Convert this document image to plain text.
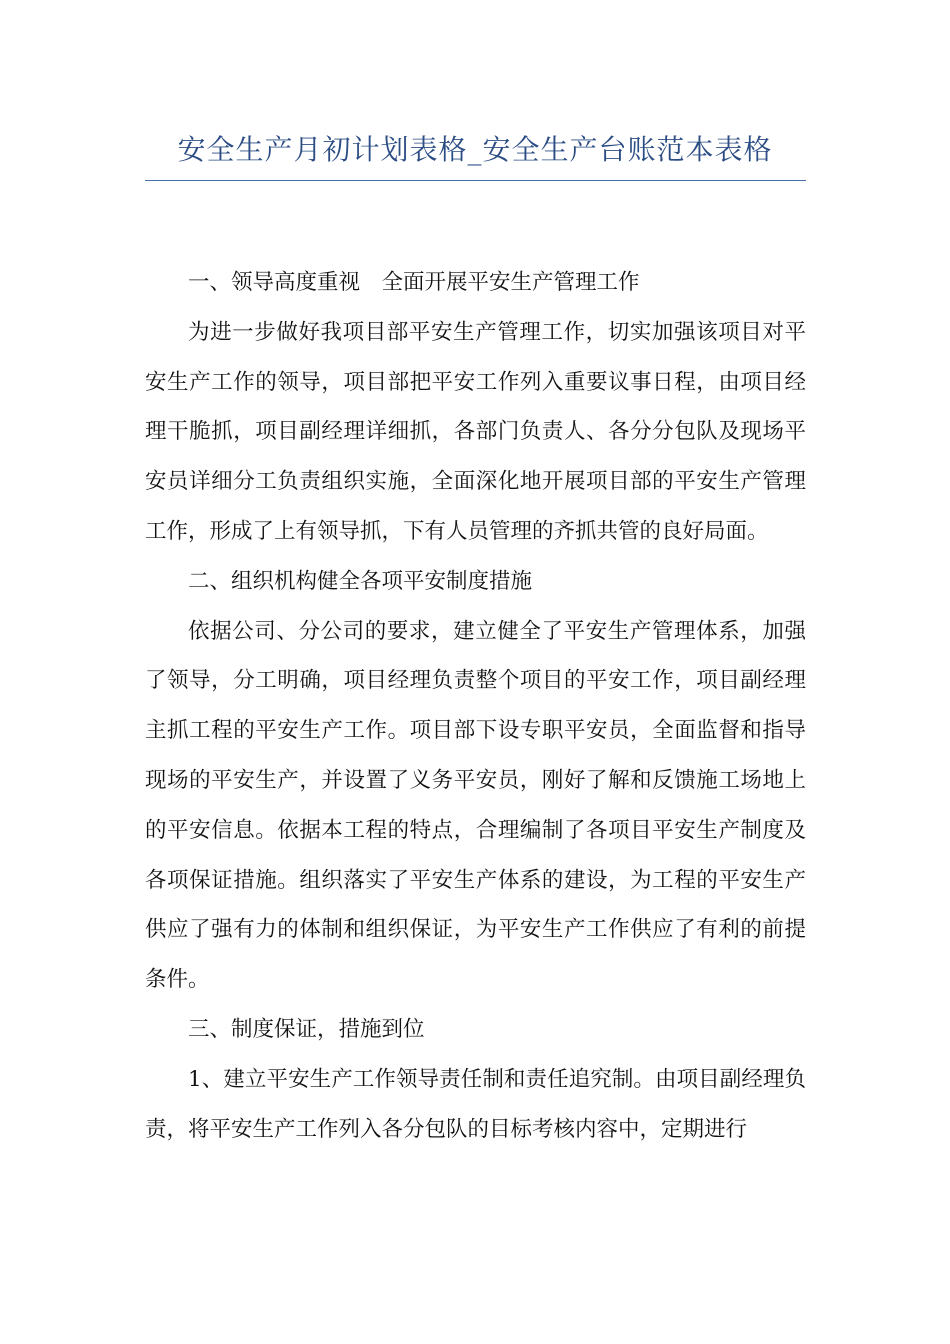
安全生产月初计划表格_安全生产台账范本表格

一、领导高度重视　全面开展平安生产管理工作

为进一步做好我项目部平安生产管理工作，切实加强该项目对平安生产工作的领导，项目部把平安工作列入重要议事日程，由项目经理干脆抓，项目副经理详细抓，各部门负责人、各分分包队及现场平安员详细分工负责组织实施，全面深化地开展项目部的平安生产管理工作，形成了上有领导抓，下有人员管理的齐抓共管的良好局面。

二、组织机构健全各项平安制度措施

依据公司、分公司的要求，建立健全了平安生产管理体系，加强了领导，分工明确，项目经理负责整个项目的平安工作，项目副经理主抓工程的平安生产工作。项目部下设专职平安员，全面监督和指导现场的平安生产，并设置了义务平安员，刚好了解和反馈施工场地上的平安信息。依据本工程的特点，合理编制了各项目平安生产制度及各项保证措施。组织落实了平安生产体系的建设，为工程的平安生产供应了强有力的体制和组织保证，为平安生产工作供应了有利的前提条件。

三、制度保证，措施到位

1、建立平安生产工作领导责任制和责任追究制。由项目副经理负责，将平安生产工作列入各分包队的目标考核内容中，定期进行
